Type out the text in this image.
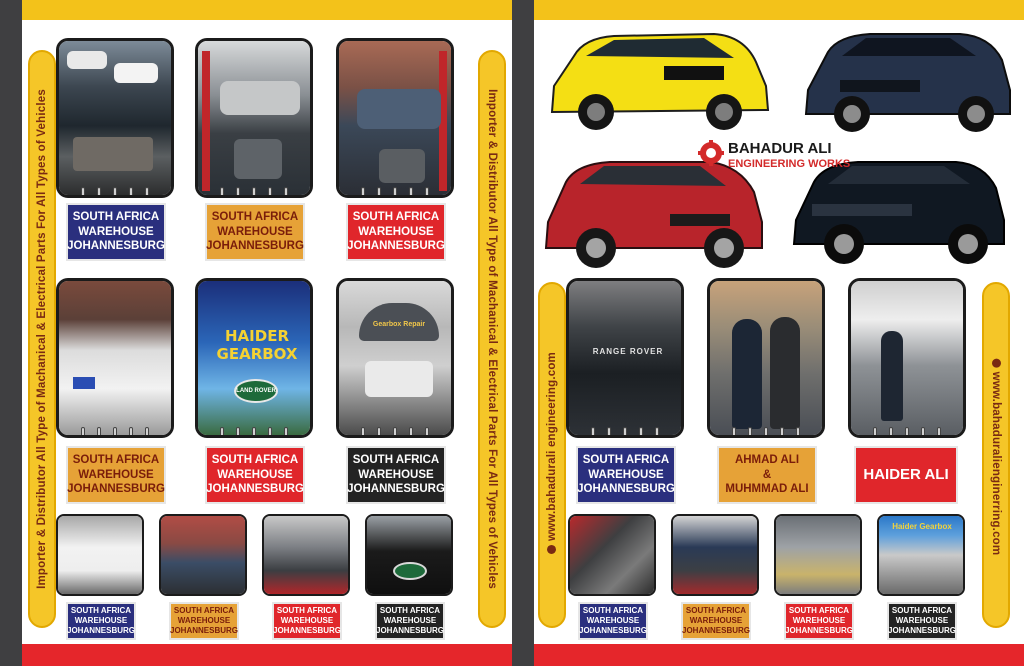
Importer & Distributor All Type of Machanical & Electrical Parts For All Types of Vehicles	Importer & Distributor All Type of Machanical & Electrical Parts For All Types of Vehicles
SOUTH AFRICA
WAREHOUSE
JOHANNESBURG
SOUTH AFRICA
WAREHOUSE
JOHANNESBURG
SOUTH AFRICA
WAREHOUSE
JOHANNESBURG
HAIDER GEARBOX
LAND ROVER
Gearbox Repair
SOUTH AFRICA
WAREHOUSE
JOHANNESBURG
SOUTH AFRICA
WAREHOUSE
JOHANNESBURG
SOUTH AFRICA
WAREHOUSE
JOHANNESBURG
SOUTH AFRICA
WAREHOUSE
JOHANNESBURG
SOUTH AFRICA
WAREHOUSE
JOHANNESBURG
SOUTH AFRICA
WAREHOUSE
JOHANNESBURG
SOUTH AFRICA
WAREHOUSE
JOHANNESBURG
BAHADUR ALI
ENGINEERING WORKS
www.bahadurali engineering.com	www.bahaduralienginerring.com
RANGE ROVER
SOUTH AFRICA
WAREHOUSE
JOHANNESBURG
AHMAD ALI
&
MUHMMAD ALI
HAIDER ALI
Haider Gearbox
SOUTH AFRICA
WAREHOUSE
JOHANNESBURG
SOUTH AFRICA
WAREHOUSE
JOHANNESBURG
SOUTH AFRICA
WAREHOUSE
JOHANNESBURG
SOUTH AFRICA
WAREHOUSE
JOHANNESBURG
